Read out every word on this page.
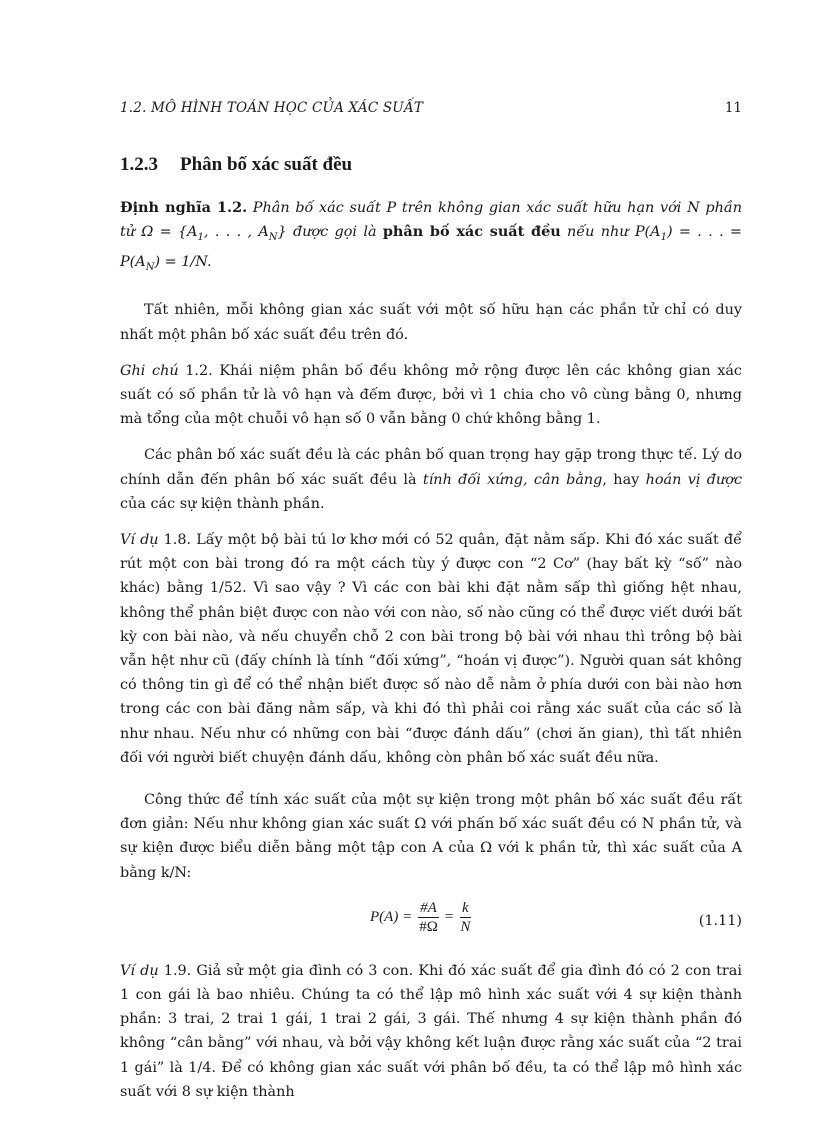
1.2. MÔ HÌNH TOÁN HỌC CỦA XÁC SUẤT	11
1.2.3 Phân bố xác suất đều

Định nghĩa 1.2. Phân bố xác suất P trên không gian xác suất hữu hạn với N phần tử $\Omega = \{A_1$, . . . , $A_N$} được gọi là phân bố xác suất đều nếu như $P(A_1)$ = . . . = $P(A_N) = 1/N$.

Tất nhiên, mỗi không gian xác suất với một số hữu hạn các phần tử chỉ có duy nhất một phân bố xác suất đều trên đó.

Ghi chú 1.2. Khái niệm phân bố đều không mở rộng được lên các không gian xác suất có số phần tử là vô hạn và đếm được, bởi vì 1 chia cho vô cùng bằng 0, nhưng mà tổng của một chuỗi vô hạn số 0 vẫn bằng 0 chứ không bằng 1.

Các phân bố xác suất đều là các phân bố quan trọng hay gặp trong thực tế. Lý do chính dẫn đến phân bố xác suất đều là tính đối xứng, cân bằng, hay hoán vị được của các sự kiện thành phần.

Ví dụ 1.8. Lấy một bộ bài tú lơ khơ mới có 52 quân, đặt nằm sấp. Khi đó xác suất để rút một con bài trong đó ra một cách tùy ý được con “2 Cơ” (hay bất kỳ “số” nào khác) bằng 1/52. Vì sao vậy ? Vì các con bài khi đặt nằm sấp thì giống hệt nhau, không thể phân biệt được con nào với con nào, số nào cũng có thể được viết dưới bất kỳ con bài nào, và nếu chuyển chỗ 2 con bài trong bộ bài với nhau thì trông bộ bài vẫn hệt như cũ (đấy chính là tính “đối xứng”, “hoán vị được”). Người quan sát không có thông tin gì để có thể nhận biết được số nào dễ nằm ở phía dưới con bài nào hơn trong các con bài đăng nằm sấp, và khi đó thì phải coi rằng xác suất của các số là như nhau. Nếu như có những con bài “được đánh dấu” (chơi ăn gian), thì tất nhiên đối với người biết chuyện đánh dấu, không còn phân bố xác suất đều nữa.

Công thức để tính xác suất của một sự kiện trong một phân bố xác suất đều rất đơn giản: Nếu như không gian xác suất Ω với phấn bố xác suất đều có N phần tử, và sự kiện được biểu diễn bằng một tập con A của Ω với k phần tử, thì xác suất của A bằng k/N:

$P(A) = \frac{\#A}{\#\Omega} = \frac{k}{N}$	(1.11)

Ví dụ 1.9. Giả sử một gia đình có 3 con. Khi đó xác suất để gia đình đó có 2 con trai 1 con gái là bao nhiêu. Chúng ta có thể lập mô hình xác suất với 4 sự kiện thành phần: 3 trai, 2 trai 1 gái, 1 trai 2 gái, 3 gái. Thế nhưng 4 sự kiện thành phần đó không “cân bằng” với nhau, và bởi vậy không kết luận được rằng xác suất của “2 trai 1 gái” là 1/4. Để có không gian xác suất với phân bố đều, ta có thể lập mô hình xác suất với 8 sự kiện thành
